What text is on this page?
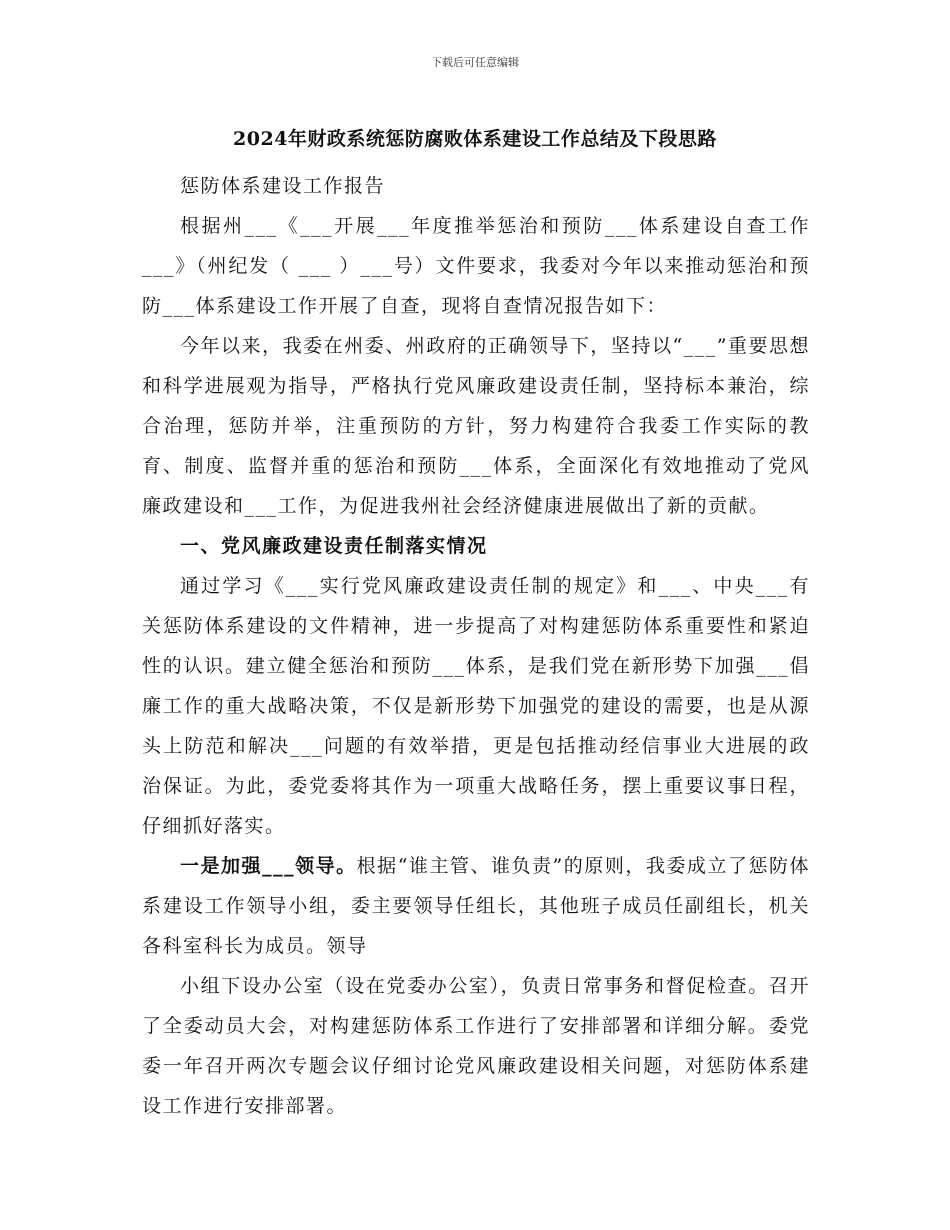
下载后可任意编辑
2024年财政系统惩防腐败体系建设工作总结及下段思路

惩防体系建设工作报告

根据州___《___开展___年度推举惩治和预防___体系建设自查工作___》（州纪发（ ___ ）___号）文件要求，我委对今年以来推动惩治和预防___体系建设工作开展了自查，现将自查情况报告如下：

今年以来，我委在州委、州政府的正确领导下，坚持以“___”重要思想和科学进展观为指导，严格执行党风廉政建设责任制，坚持标本兼治，综合治理，惩防并举，注重预防的方针，努力构建符合我委工作实际的教育、制度、监督并重的惩治和预防___体系，全面深化有效地推动了党风廉政建设和___工作，为促进我州社会经济健康进展做出了新的贡献。

一、党风廉政建设责任制落实情况

通过学习《___实行党风廉政建设责任制的规定》和___、中央___有关惩防体系建设的文件精神，进一步提高了对构建惩防体系重要性和紧迫性的认识。建立健全惩治和预防___体系，是我们党在新形势下加强___倡廉工作的重大战略决策，不仅是新形势下加强党的建设的需要，也是从源头上防范和解决___问题的有效举措，更是包括推动经信事业大进展的政治保证。为此，委党委将其作为一项重大战略任务，摆上重要议事日程，仔细抓好落实。

一是加强___领导。根据“谁主管、谁负责”的原则，我委成立了惩防体系建设工作领导小组，委主要领导任组长，其他班子成员任副组长，机关各科室科长为成员。领导

小组下设办公室（设在党委办公室），负责日常事务和督促检查。召开了全委动员大会，对构建惩防体系工作进行了安排部署和详细分解。委党委一年召开两次专题会议仔细讨论党风廉政建设相关问题，对惩防体系建设工作进行安排部署。
